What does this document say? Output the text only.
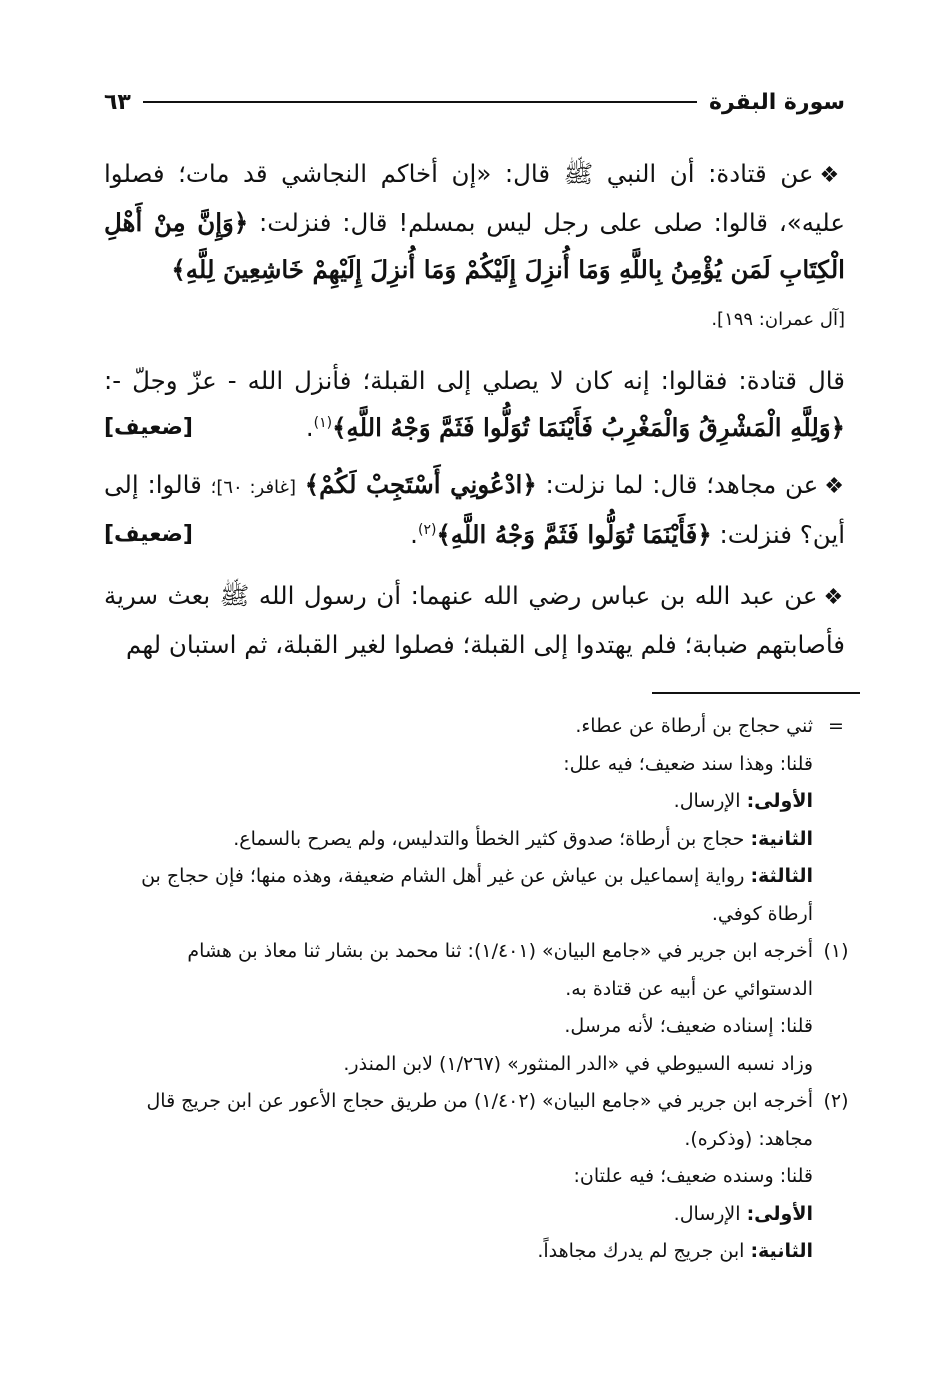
سورة البقرة
٦٣

❖عن قتادة: أن النبي ﷺ قال: «إن أخاكم النجاشي قد مات؛ فصلوا عليه»، قالوا: صلى على رجل ليس بمسلم! قال: فنزلت: ﴿وَإِنَّ مِنْ أَهْلِ الْكِتَابِ لَمَن يُؤْمِنُ بِاللَّهِ وَمَا أُنزِلَ إِلَيْكُمْ وَمَا أُنزِلَ إِلَيْهِمْ خَاشِعِينَ لِلَّهِ﴾
[آل عمران: ١٩٩].

قال قتادة: فقالوا: إنه كان لا يصلي إلى القبلة؛ فأنزل الله - عزّ وجلّ -: ﴿وَلِلَّهِ الْمَشْرِقُ وَالْمَغْرِبُ فَأَيْنَمَا تُوَلُّوا فَثَمَّ وَجْهُ اللَّهِ﴾$^{(١)}$.
[ضعيف]

❖عن مجاهد؛ قال: لما نزلت: ﴿ادْعُونِي أَسْتَجِبْ لَكُمْ﴾ [غافر: ٦٠]؛ قالوا: إلى أين؟ فنزلت: ﴿فَأَيْنَمَا تُوَلُّوا فَثَمَّ وَجْهُ اللَّهِ﴾$^{(٢)}$.
[ضعيف]

❖عن عبد الله بن عباس رضي الله عنهما: أن رسول الله ﷺ بعث سرية فأصابتهم ضبابة؛ فلم يهتدوا إلى القبلة؛ فصلوا لغير القبلة، ثم استبان لهم

=
ثني حجاج بن أرطاة عن عطاء.
قلنا: وهذا سند ضعيف؛ فيه علل:
الأولى: الإرسال.
الثانية: حجاج بن أرطاة؛ صدوق كثير الخطأ والتدليس، ولم يصرح بالسماع.
الثالثة: رواية إسماعيل بن عياش عن غير أهل الشام ضعيفة، وهذه منها؛ فإن حجاج بن أرطاة كوفي.
(١)
أخرجه ابن جرير في «جامع البيان» (١/٤٠١): ثنا محمد بن بشار ثنا معاذ بن هشام الدستوائي عن أبيه عن قتادة به.
قلنا: إسناده ضعيف؛ لأنه مرسل.
وزاد نسبه السيوطي في «الدر المنثور» (١/٢٦٧) لابن المنذر.
(٢)
أخرجه ابن جرير في «جامع البيان» (١/٤٠٢) من طريق حجاج الأعور عن ابن جريج قال مجاهد: (وذكره).
قلنا: وسنده ضعيف؛ فيه علتان:
الأولى: الإرسال.
الثانية: ابن جريج لم يدرك مجاهداً.
